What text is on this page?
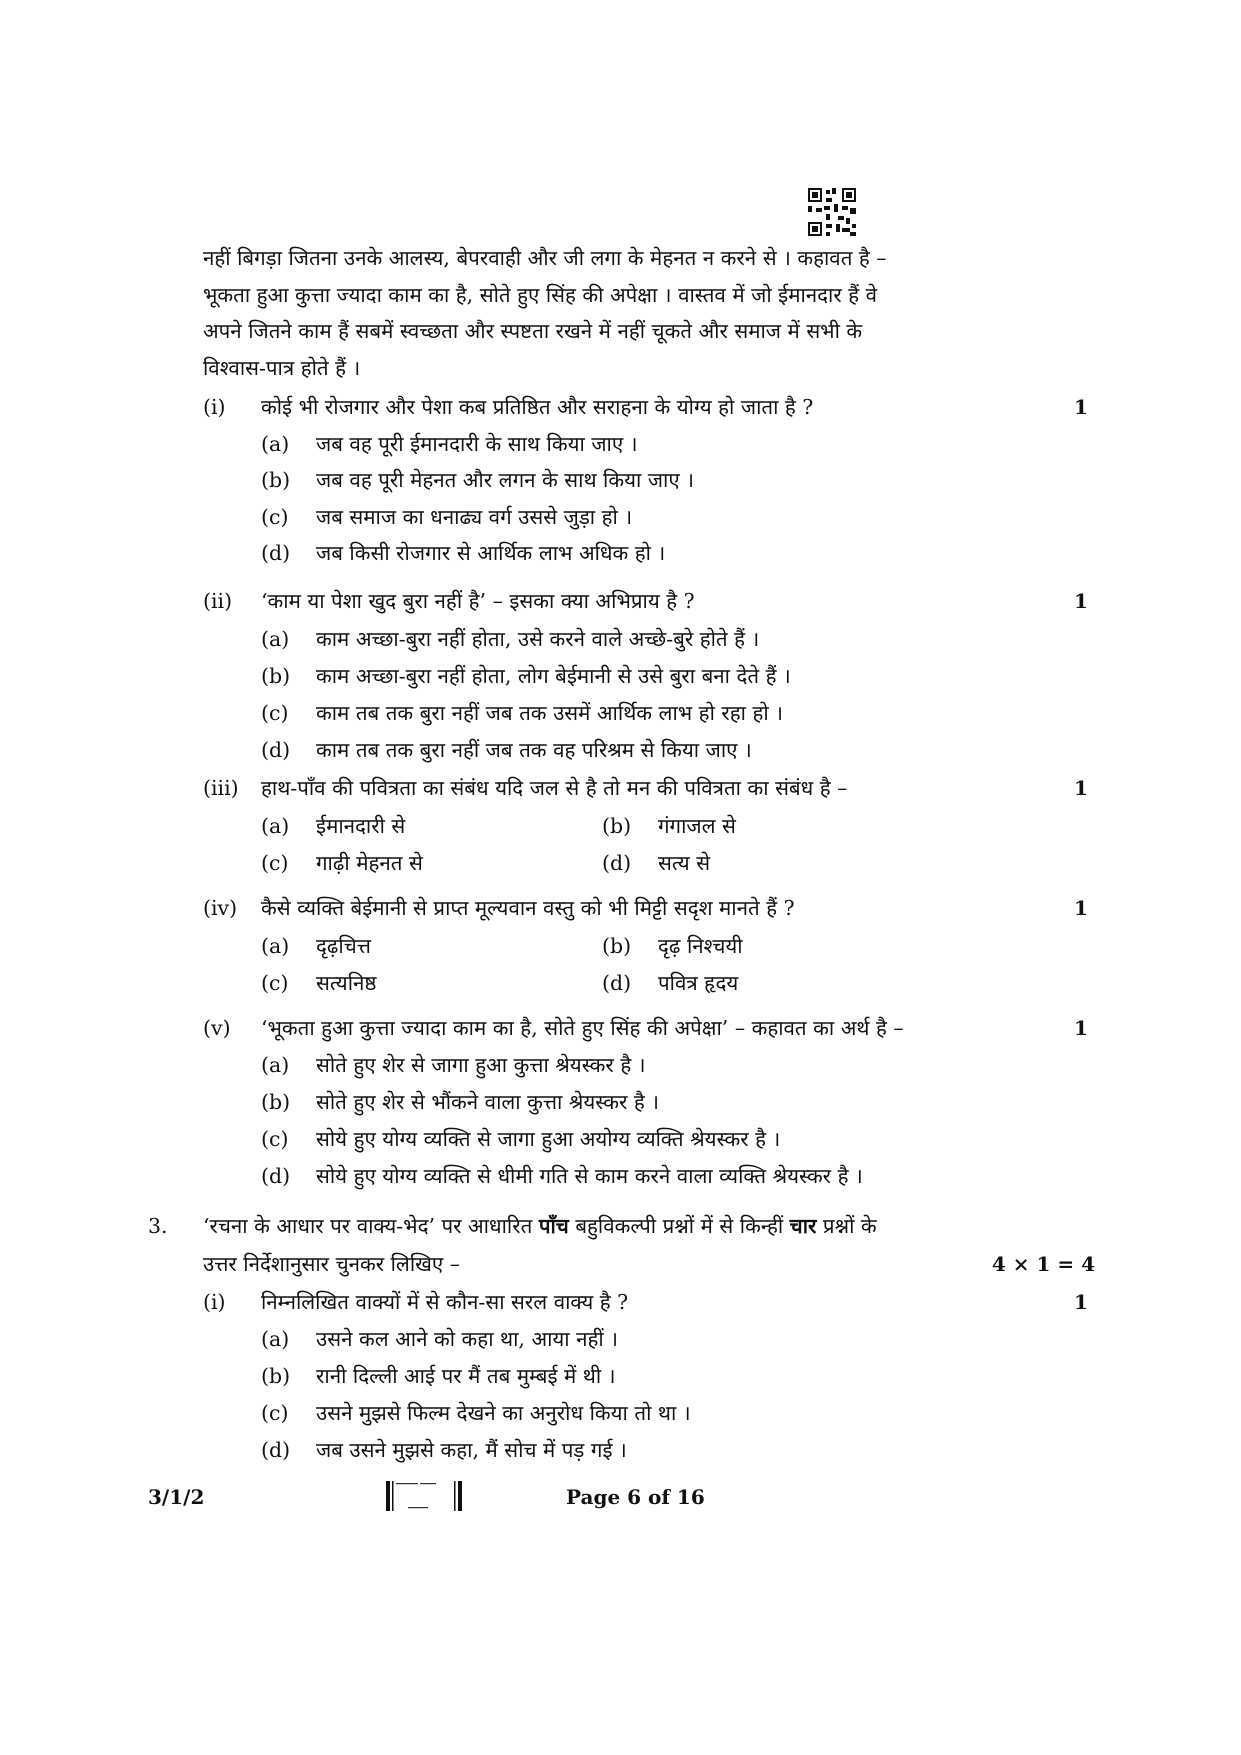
नहीं बिगड़ा जितना उनके आलस्य, बेपरवाही और जी लगा के मेहनत न करने से । कहावत है –
भूकता हुआ कुत्ता ज्यादा काम का है, सोते हुए सिंह की अपेक्षा । वास्तव में जो ईमानदार हैं वे
अपने जितने काम हैं सबमें स्वच्छता और स्पष्टता रखने में नहीं चूकते और समाज में सभी के
विश्वास-पात्र होते हैं ।
(i) कोई भी रोजगार और पेशा कब प्रतिष्ठित और सराहना के योग्य हो जाता है ?	1
(a) जब वह पूरी ईमानदारी के साथ किया जाए ।
(b) जब वह पूरी मेहनत और लगन के साथ किया जाए ।
(c) जब समाज का धनाढ्य वर्ग उससे जुड़ा हो ।
(d) जब किसी रोजगार से आर्थिक लाभ अधिक हो ।
(ii) ‘काम या पेशा खुद बुरा नहीं है’ – इसका क्या अभिप्राय है ?	1
(a) काम अच्छा-बुरा नहीं होता, उसे करने वाले अच्छे-बुरे होते हैं ।
(b) काम अच्छा-बुरा नहीं होता, लोग बेईमानी से उसे बुरा बना देते हैं ।
(c) काम तब तक बुरा नहीं जब तक उसमें आर्थिक लाभ हो रहा हो ।
(d) काम तब तक बुरा नहीं जब तक वह परिश्रम से किया जाए ।
(iii) हाथ-पाँव की पवित्रता का संबंध यदि जल से है तो मन की पवित्रता का संबंध है –	1
(a) ईमानदारी से	(b) गंगाजल से
(c) गाढ़ी मेहनत से	(d) सत्य से
(iv) कैसे व्यक्ति बेईमानी से प्राप्त मूल्यवान वस्तु को भी मिट्टी सदृश मानते हैं ?	1
(a) दृढ़चित्त	(b) दृढ़ निश्चयी
(c) सत्यनिष्ठ	(d) पवित्र हृदय
(v) ‘भूकता हुआ कुत्ता ज्यादा काम का है, सोते हुए सिंह की अपेक्षा’ – कहावत का अर्थ है –	1
(a) सोते हुए शेर से जागा हुआ कुत्ता श्रेयस्कर है ।
(b) सोते हुए शेर से भौंकने वाला कुत्ता श्रेयस्कर है ।
(c) सोये हुए योग्य व्यक्ति से जागा हुआ अयोग्य व्यक्ति श्रेयस्कर है ।
(d) सोये हुए योग्य व्यक्ति से धीमी गति से काम करने वाला व्यक्ति श्रेयस्कर है ।
3. ‘रचना के आधार पर वाक्य-भेद’ पर आधारित पाँच बहुविकल्पी प्रश्नों में से किन्हीं चार प्रश्नों के
उत्तर निर्देशानुसार चुनकर लिखिए –	4 × 1 = 4
(i) निम्नलिखित वाक्यों में से कौन-सा सरल वाक्य है ?	1
(a) उसने कल आने को कहा था, आया नहीं ।
(b) रानी दिल्ली आई पर मैं तब मुम्बई में थी ।
(c) उसने मुझसे फिल्म देखने का अनुरोध किया तो था ।
(d) जब उसने मुझसे कहा, मैं सोच में पड़ गई ।
3/1/2	Page 6 of 16
